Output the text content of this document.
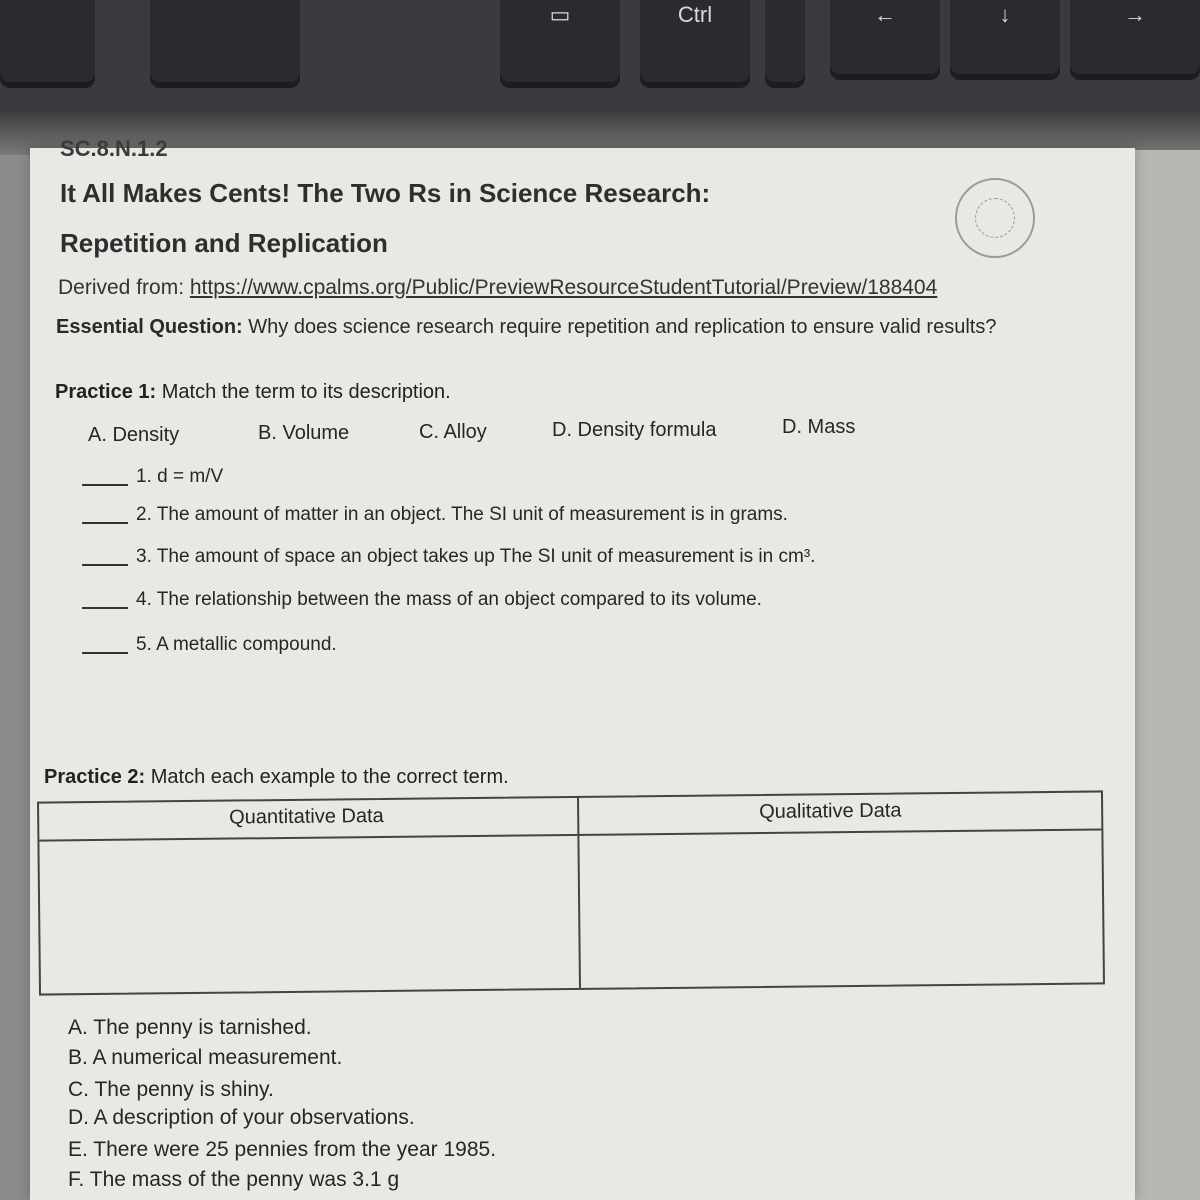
▭	Ctrl	←	↓	→
SC.8.N.1.2
It All Makes Cents! The Two Rs in Science Research:
Repetition and Replication
Derived from: https://www.cpalms.org/Public/PreviewResourceStudentTutorial/Preview/188404
Essential Question: Why does science research require repetition and replication to ensure valid results?
Practice 1: Match the term to its description.
A. Density	B. Volume	C. Alloy	D. Density formula	D. Mass
1. d = m/V
2. The amount of matter in an object. The SI unit of measurement is in grams.
3. The amount of space an object takes up The SI unit of measurement is in cm³.
4. The relationship between the mass of an object compared to its volume.
5. A metallic compound.
Practice 2: Match each example to the correct term.
Quantitative Data	Qualitative Data
A. The penny is tarnished.
B. A numerical measurement.
C. The penny is shiny.
D. A description of your observations.
E. There were 25 pennies from the year 1985.
F. The mass of the penny was 3.1 g
